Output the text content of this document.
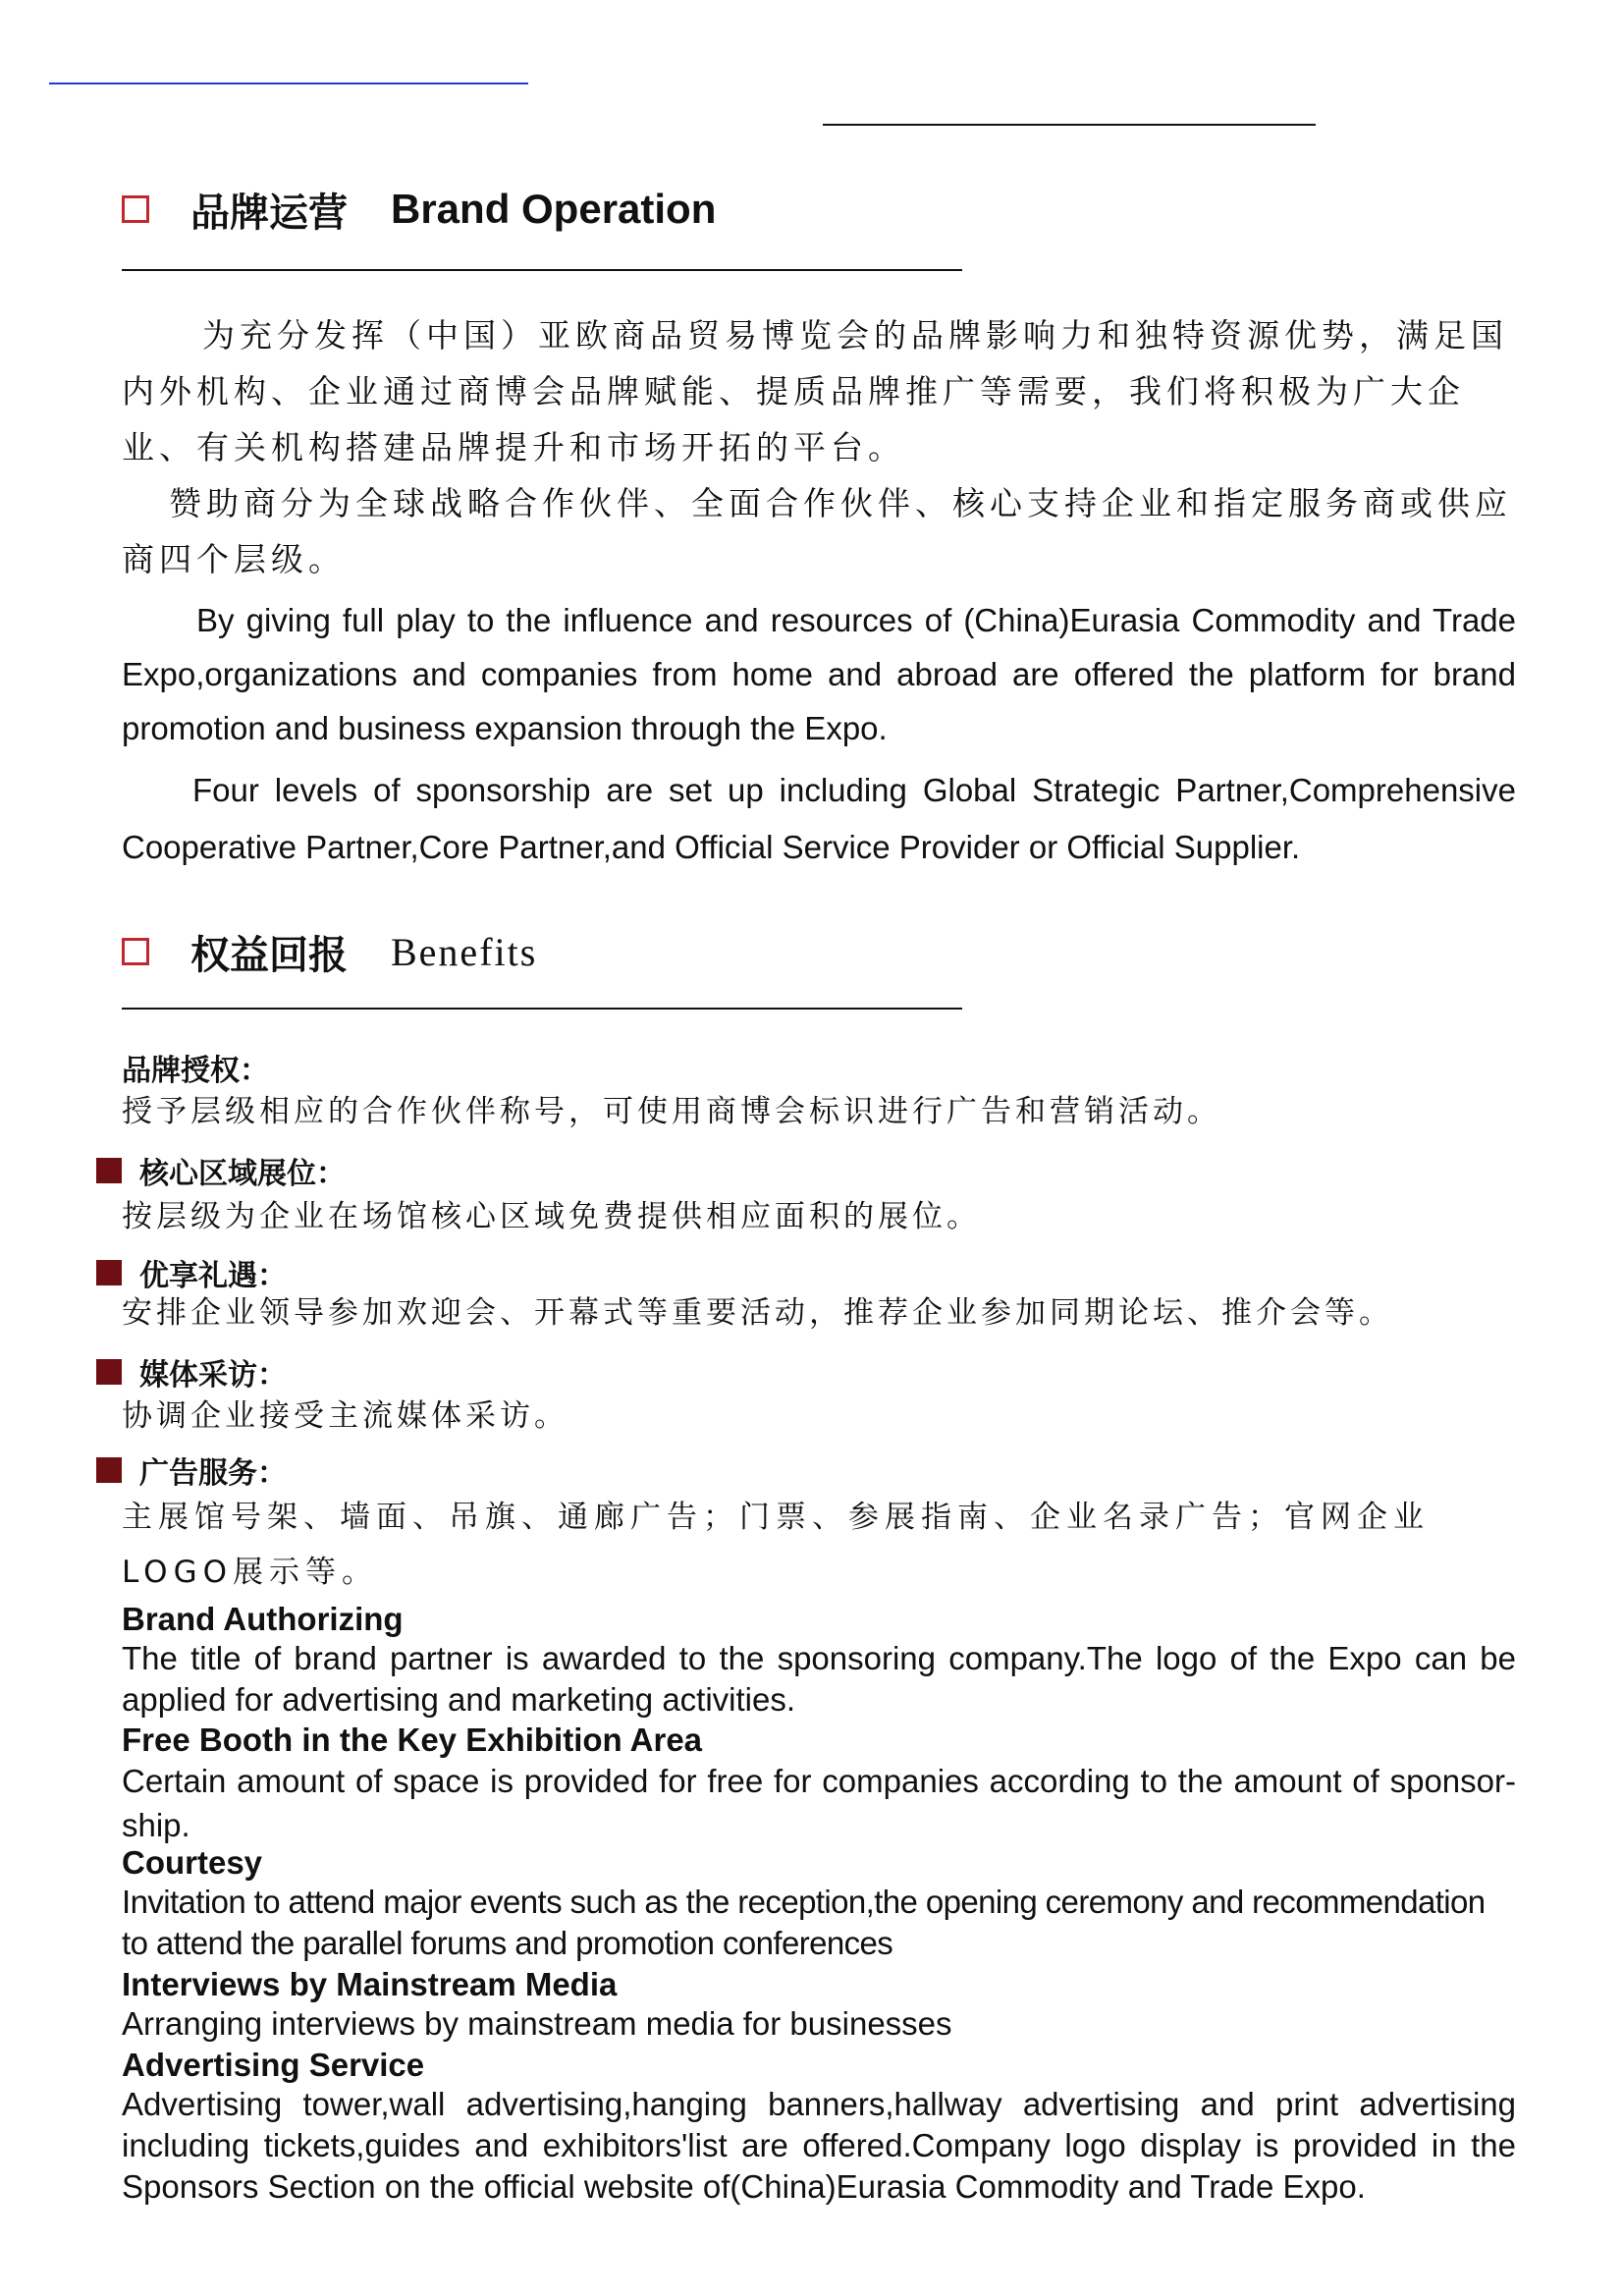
品牌运营 Brand Operation
为充分发挥（中国）亚欧商品贸易博览会的品牌影响力和独特资源优势，满足国内外机构、企业通过商博会品牌赋能、提质品牌推广等需要，我们将积极为广大企业、有关机构搭建品牌提升和市场开拓的平台。
赞助商分为全球战略合作伙伴、全面合作伙伴、核心支持企业和指定服务商或供应商四个层级。
By giving full play to the influence and resources of (China)Eurasia Commodity and Trade Expo,organizations and companies from home and abroad are offered the platform for brand promotion and business expansion through the Expo.
Four levels of sponsorship are set up including Global Strategic Partner,Comprehensive Cooperative Partner,Core Partner,and Official Service Provider or Official Supplier.
权益回报 Benefits
品牌授权：
授予层级相应的合作伙伴称号，可使用商博会标识进行广告和营销活动。
核心区域展位：
按层级为企业在场馆核心区域免费提供相应面积的展位。
优享礼遇：
安排企业领导参加欢迎会、开幕式等重要活动，推荐企业参加同期论坛、推介会等。
媒体采访：
协调企业接受主流媒体采访。
广告服务：
主展馆号架、墙面、吊旗、通廊广告；门票、参展指南、企业名录广告；官网企业LOGO展示等。
Brand Authorizing
The title of brand partner is awarded to the sponsoring company.The logo of the Expo can be applied for advertising and marketing activities.
Free Booth in the Key Exhibition Area
Certain amount of space is provided for free for companies according to the amount of sponsor-ship.
Courtesy
Invitation to attend major events such as the reception,the opening ceremony and recommendation to attend the parallel forums and promotion conferences
Interviews by Mainstream Media
Arranging interviews by mainstream media for businesses
Advertising Service
Advertising tower,wall advertising,hanging banners,hallway advertising and print advertising including tickets,guides and exhibitors'list are offered.Company logo display is provided in the Sponsors Section on the official website of(China)Eurasia Commodity and Trade Expo.
